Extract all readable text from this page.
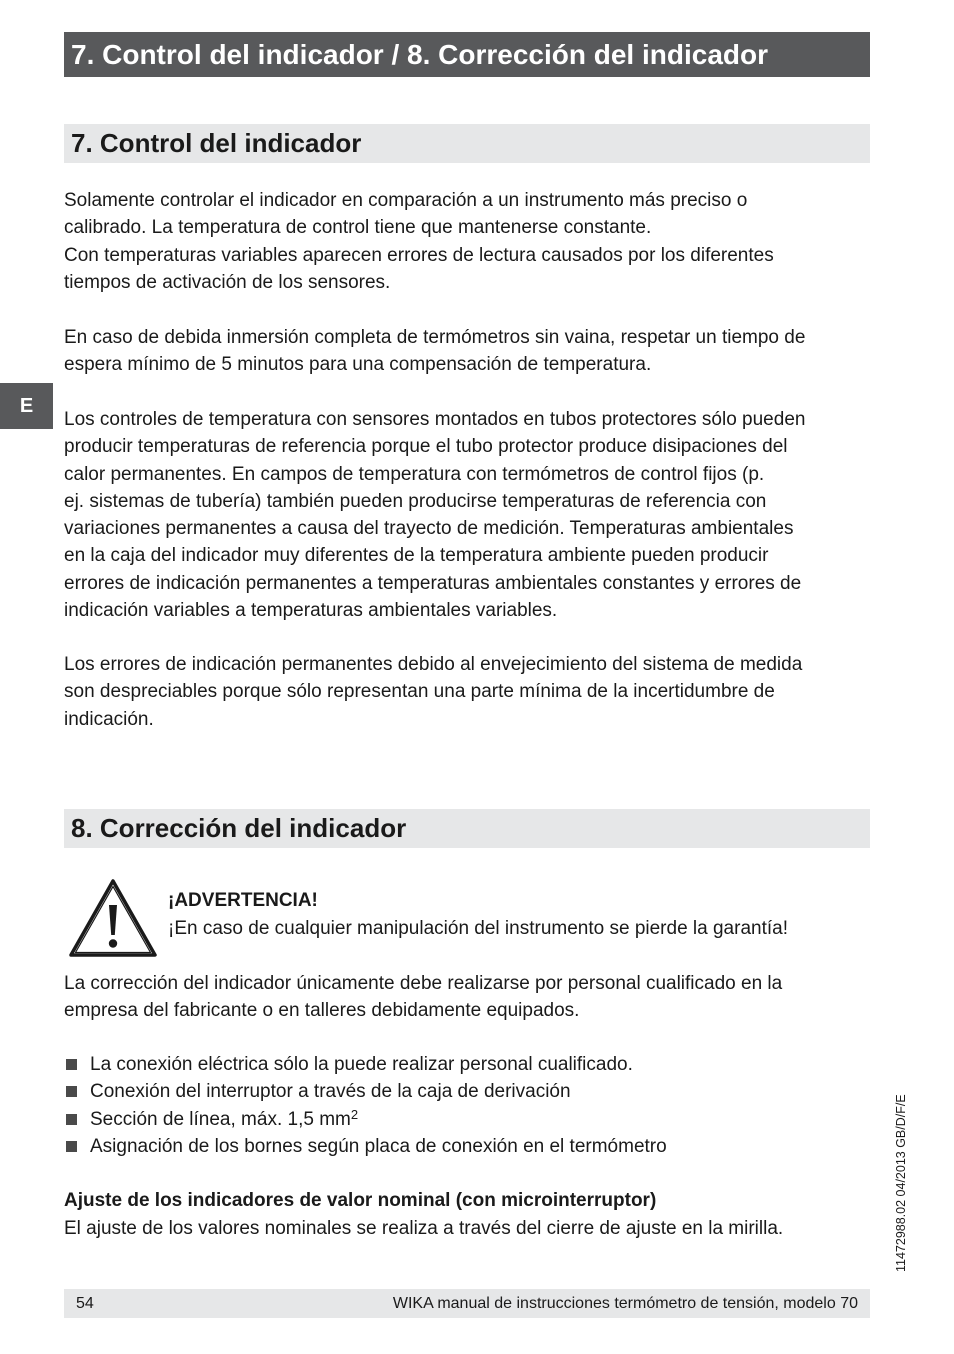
7. Control del indicador / 8. Corrección del indicador
E
7. Control del indicador

Solamente controlar el indicador en comparación a un instrumento más preciso o
calibrado. La temperatura de control tiene que mantenerse constante.
Con temperaturas variables aparecen errores de lectura causados por los diferentes
tiempos de activación de los sensores.

En caso de debida inmersión completa de termómetros sin vaina, respetar un tiempo de
espera mínimo de 5 minutos para una compensación de temperatura.

Los controles de temperatura con sensores montados en tubos protectores sólo pueden
producir temperaturas de referencia porque el tubo protector produce disipaciones del
calor permanentes. En campos de temperatura con termómetros de control fijos (p.
ej. sistemas de tubería) también pueden producirse temperaturas de referencia con
variaciones permanentes a causa del trayecto de medición. Temperaturas ambientales
en la caja del indicador muy diferentes de la temperatura ambiente pueden producir
errores de indicación permanentes a temperaturas ambientales constantes y errores de
indicación variables a temperaturas ambientales variables.

Los errores de indicación permanentes debido al envejecimiento del sistema de medida
son despreciables porque sólo representan una parte mínima de la incertidumbre de
indicación.

8. Corrección del indicador
¡ADVERTENCIA!
¡En caso de cualquier manipulación del instrumento se pierde la garantía!

La corrección del indicador únicamente debe realizarse por personal cualificado en la
empresa del fabricante o en talleres debidamente equipados.

La conexión eléctrica sólo la puede realizar personal cualificado.
Conexión del interruptor a través de la caja de derivación
Sección de línea, máx. 1,5 $mm^2$
Asignación de los bornes según placa de conexión en el termómetro
Ajuste de los indicadores de valor nominal (con microinterruptor)
El ajuste de los valores nominales se realiza a través del cierre de ajuste en la mirilla.	11472988.02 04/2013 GB/D/F/E
54	WIKA manual de instrucciones termómetro de tensión, modelo 70
